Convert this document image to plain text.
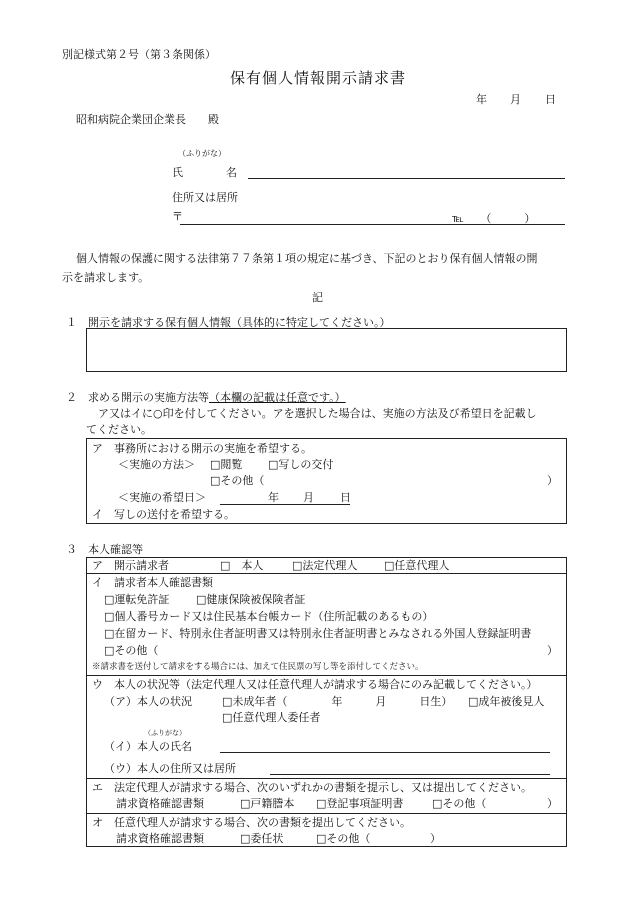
別記様式第２号（第３条関係）
保有個人情報開示請求書
年 月 日
昭和病院企業団企業長　　殿
（ふりがな）
氏	名
住所又は居所
〒	℡　　（　　　）
個人情報の保護に関する法律第７７条第１項の規定に基づき、下記のとおり保有個人情報の開
示を請求します。
記
１　開示を請求する保有個人情報（具体的に特定してください。）
２　求める開示の実施方法等（本欄の記載は任意です。）
ア又はイに○印を付してください。アを選択した場合は、実施の方法及び希望日を記載し
てください。
ア　事務所における開示の実施を希望する。
＜実施の方法＞ □閲覧 □写しの交付
□その他（	）
＜実施の希望日＞	年 月 日
イ　写しの送付を希望する。
３　本人確認等
ア　開示請求者	□　本人	□法定代理人 □任意代理人
イ　請求者本人確認書類
□運転免許証 □健康保険被保険者証
□個人番号カード又は住民基本台帳カード（住所記載のあるもの）
□在留カード、特別永住者証明書又は特別永住者証明書とみなされる外国人登録証明書
□その他（	）
※請求書を送付して請求をする場合には、加えて住民票の写し等を添付してください。
ウ　本人の状況等（法定代理人又は任意代理人が請求する場合にのみ記載してください。）
（ア）本人の状況	□未成年者（　　　　年　　　月　　　日生） □成年被後見人
□任意代理人委任者
（ふりがな）
（イ）本人の氏名
（ウ）本人の住所又は居所
エ　法定代理人が請求する場合、次のいずれかの書類を提示し、又は提出してください。
請求資格確認書類	□戸籍謄本 □登記事項証明書	□その他（	）
オ　任意代理人が請求する場合、次の書類を提出してください。
請求資格確認書類	□委任状	□その他（	）
